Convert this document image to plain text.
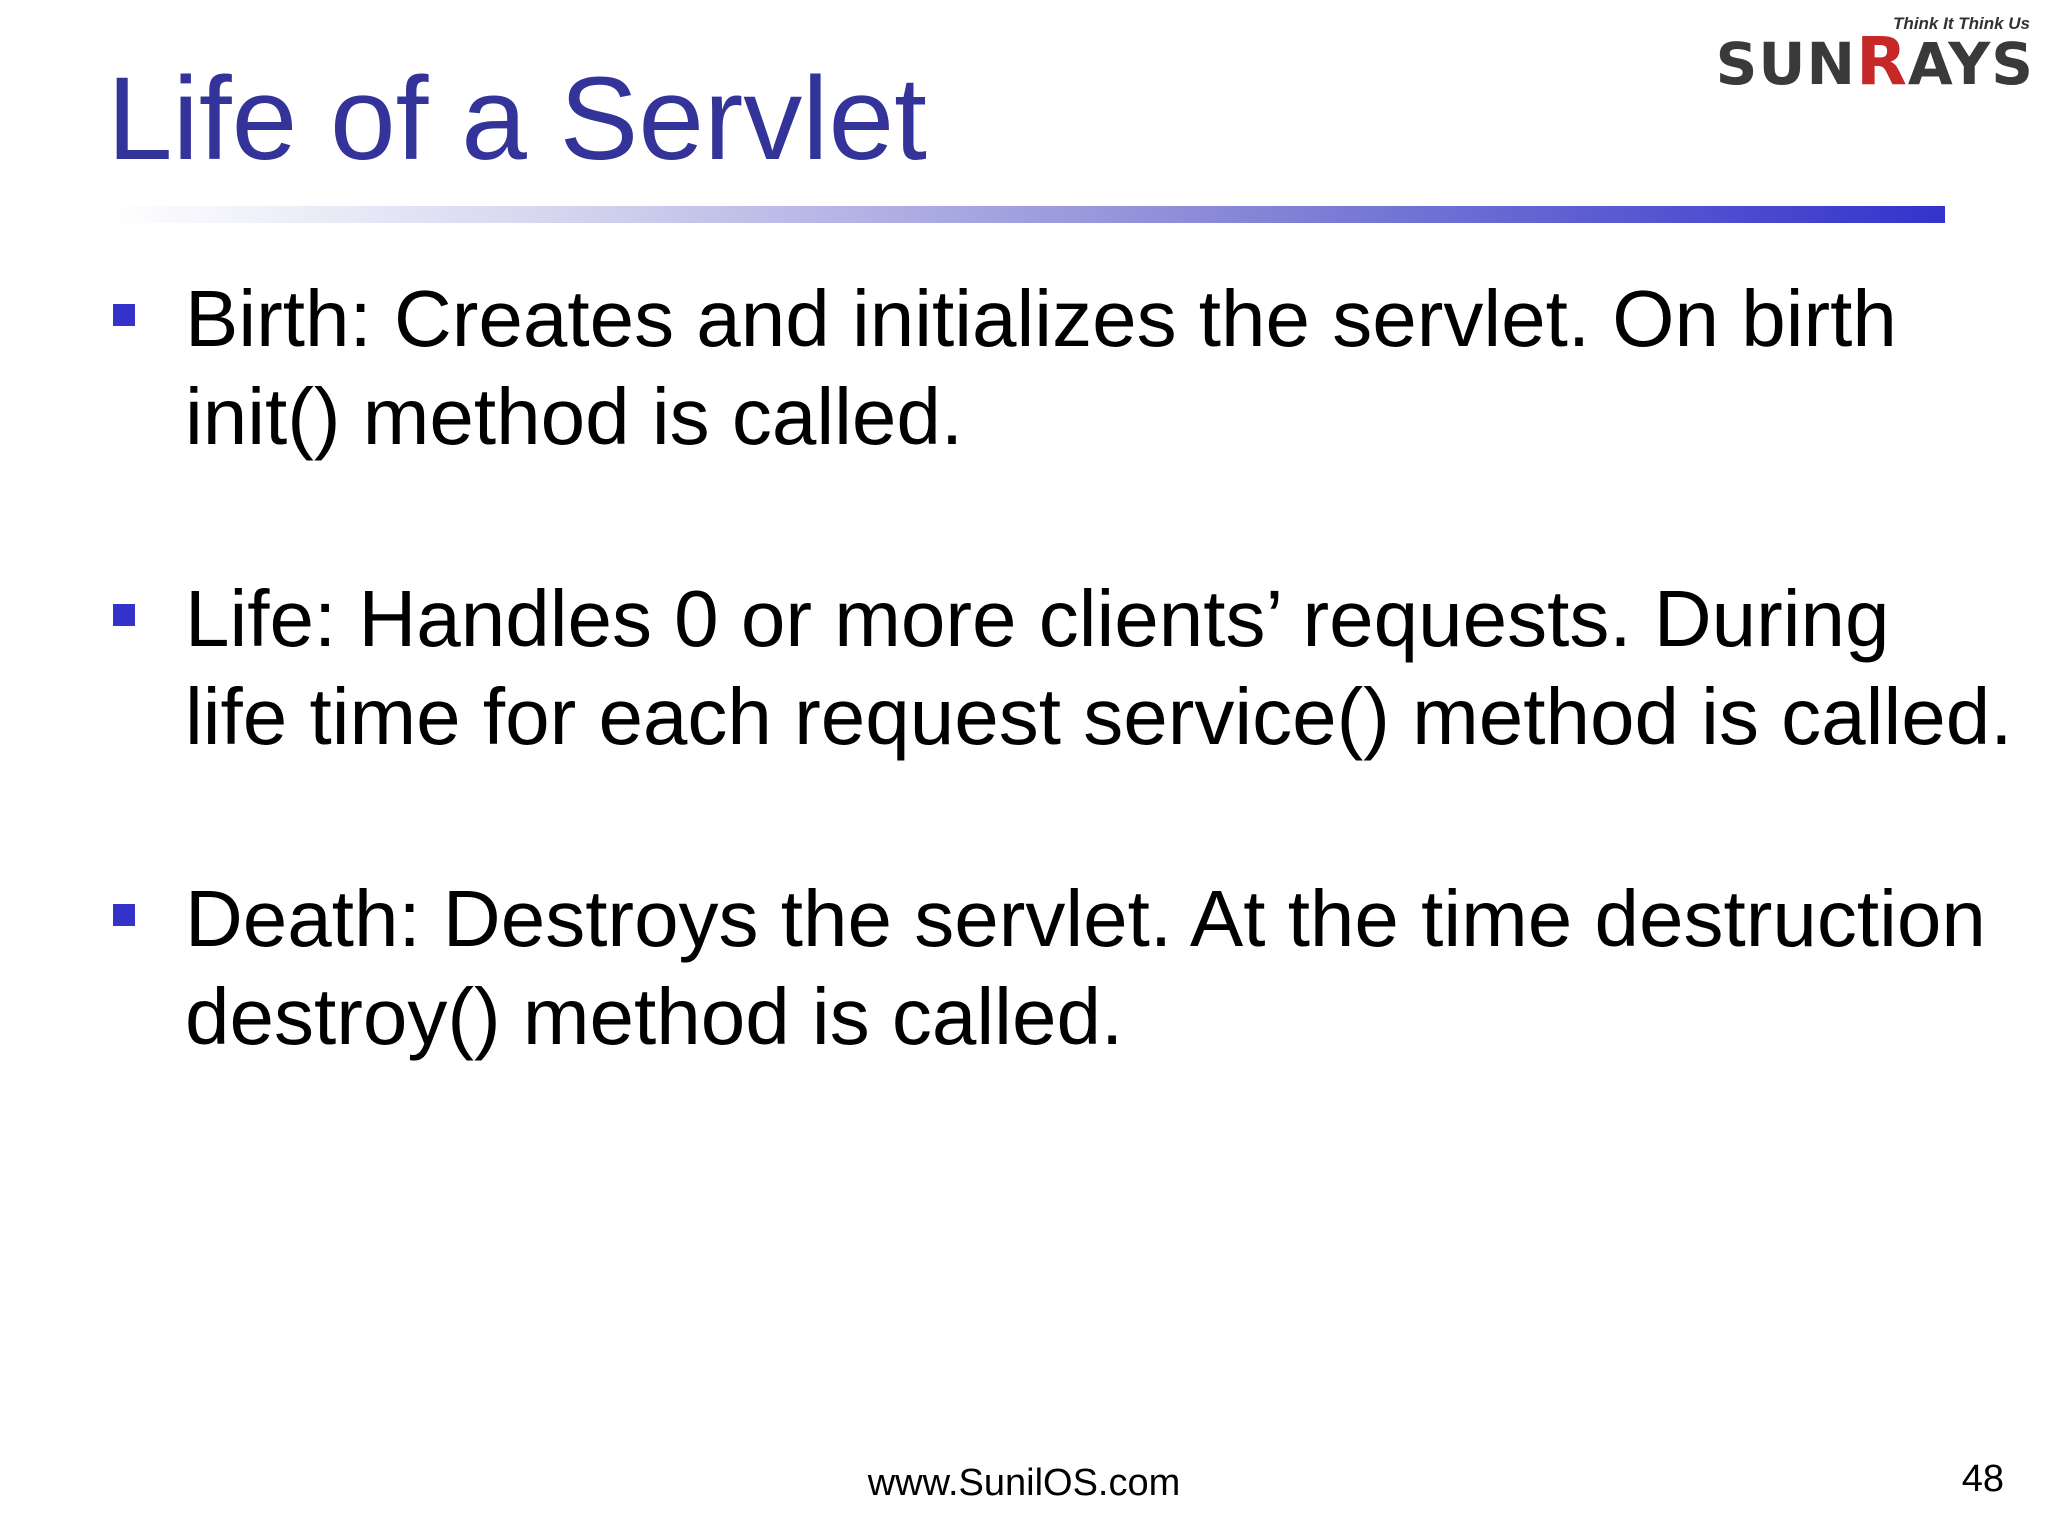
Life of a Servlet
Think It Think Us
SUNRAYS
Birth: Creates and initializes the servlet. On birth init() method is called.
Life: Handles 0 or more clients’ requests. During life time for each request service() method is called.
Death: Destroys the servlet. At the time destruction destroy() method is called.
www.SunilOS.com	48
